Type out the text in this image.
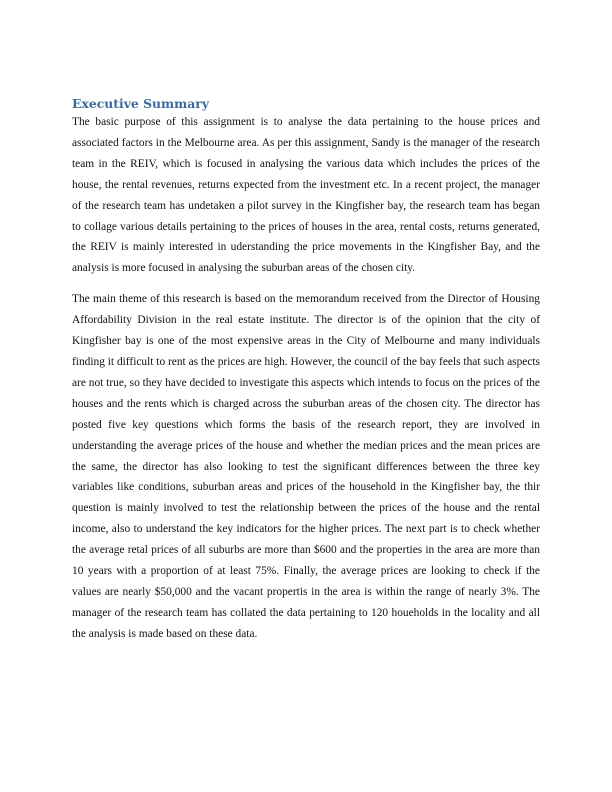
Executive Summary

The basic purpose of this assignment is to analyse the data pertaining to the house prices and associated factors in the Melbourne area. As per this assignment, Sandy is the manager of the research team in the REIV, which is focused in analysing the various data which includes the prices of the house, the rental revenues, returns expected from the investment etc. In a recent project, the manager of the research team has undetaken a pilot survey in the Kingfisher bay, the research team has began to collage various details pertaining to the prices of houses in the area, rental costs, returns generated, the REIV is mainly interested in uderstanding the price movements in the Kingfisher Bay, and the analysis is more focused in analysing the suburban areas of the chosen city.

The main theme of this research is based on the memorandum received from the Director of Housing Affordability Division in the real estate institute. The director is of the opinion that the city of Kingfisher bay is one of the most expensive areas in the City of Melbourne and many individuals finding it difficult to rent as the prices are high. However, the council of the bay feels that such aspects are not true, so they have decided to investigate this aspects which intends to focus on the prices of the houses and the rents which is charged across the suburban areas of the chosen city. The director has posted five key questions which forms the basis of the research report, they are involved in understanding the average prices of the house and whether the median prices and the mean prices are the same, the director has also looking to test the significant differences between the three key variables like conditions, suburban areas and prices of the household in the Kingfisher bay, the thir question is mainly involved to test the relationship between the prices of the house and the rental income, also to understand the key indicators for the higher prices. The next part is to check whether the average retal prices of all suburbs are more than $600 and the properties in the area are more than 10 years with a proportion of at least 75%. Finally, the average prices are looking to check if the values are nearly $50,000 and the vacant propertis in the area is within the range of nearly 3%. The manager of the research team has collated the data pertaining to 120 houeholds in the locality and all the analysis is made based on these data.
